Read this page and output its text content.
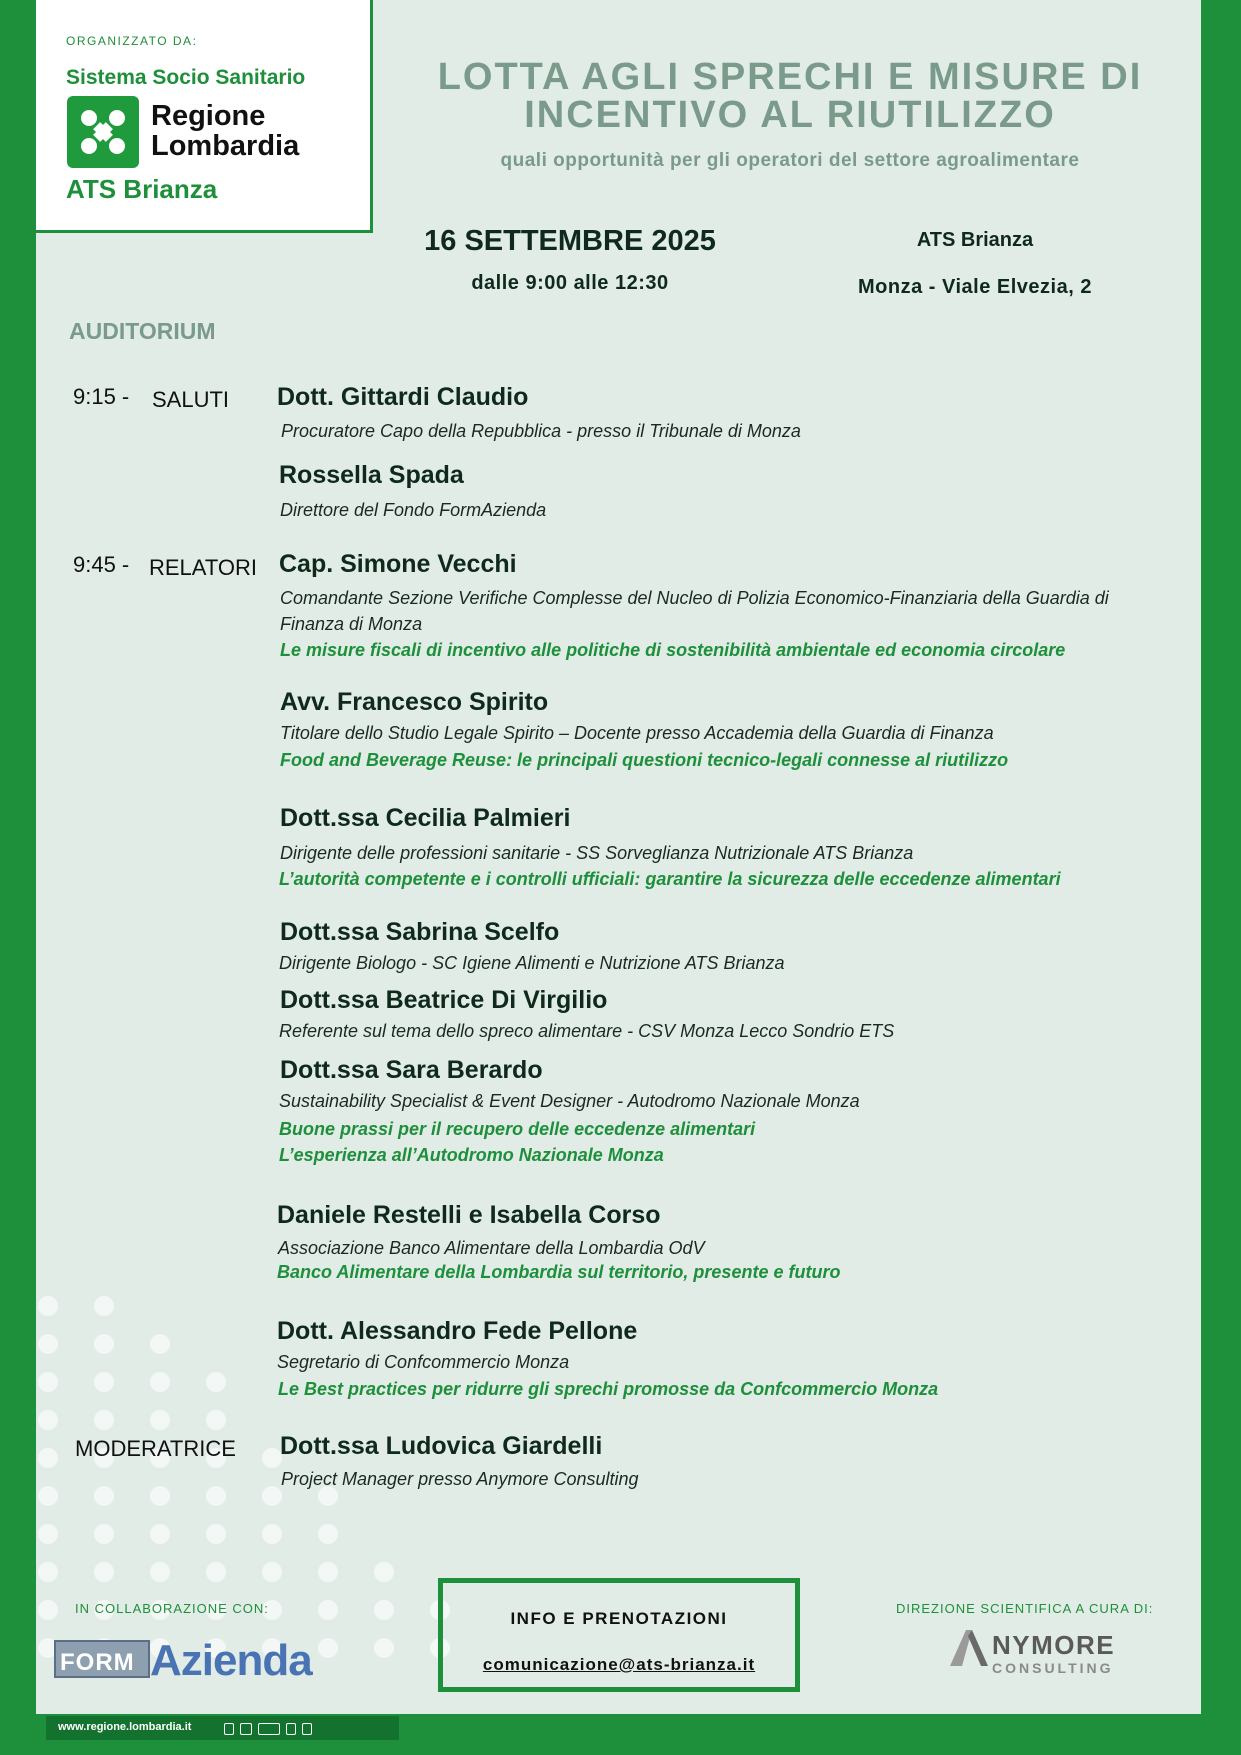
www.regione.lombardia.it
ORGANIZZATO DA:
Sistema Socio Sanitario
Regione
Lombardia
ATS Brianza
LOTTA AGLI SPRECHI E MISURE DI
INCENTIVO AL RIUTILIZZO
quali opportunità per gli operatori del settore agroalimentare
16 SETTEMBRE 2025
dalle 9:00 alle 12:30
ATS Brianza
Monza - Viale Elvezia, 2
AUDITORIUM
9:15 - SALUTI Dott. Gittardi Claudio
Procuratore Capo della Repubblica - presso il Tribunale di Monza
Rossella Spada
Direttore del Fondo FormAzienda
9:45 - RELATORI Cap. Simone Vecchi
Comandante Sezione Verifiche Complesse del Nucleo di Polizia Economico-Finanziaria della Guardia di Finanza di Monza
Le misure fiscali di incentivo alle politiche di sostenibilità ambientale ed economia circolare
Avv. Francesco Spirito
Titolare dello Studio Legale Spirito – Docente presso Accademia della Guardia di Finanza
Food and Beverage Reuse: le principali questioni tecnico-legali connesse al riutilizzo
Dott.ssa Cecilia Palmieri
Dirigente delle professioni sanitarie - SS Sorveglianza Nutrizionale ATS Brianza
L’autorità competente e i controlli ufficiali: garantire la sicurezza delle eccedenze alimentari
Dott.ssa Sabrina Scelfo
Dirigente Biologo - SC Igiene Alimenti e Nutrizione ATS Brianza
Dott.ssa Beatrice Di Virgilio
Referente sul tema dello spreco alimentare - CSV Monza Lecco Sondrio ETS
Dott.ssa Sara Berardo
Sustainability Specialist & Event Designer - Autodromo Nazionale Monza
Buone prassi per il recupero delle eccedenze alimentari
L’esperienza all’Autodromo Nazionale Monza
Daniele Restelli e Isabella Corso
Associazione Banco Alimentare della Lombardia OdV
Banco Alimentare della Lombardia sul territorio, presente e futuro
Dott. Alessandro Fede Pellone
Segretario di Confcommercio Monza
Le Best practices per ridurre gli sprechi promosse da Confcommercio Monza
MODERATRICE Dott.ssa Ludovica Giardelli
Project Manager presso Anymore Consulting
IN COLLABORAZIONE CON:
FORM Azienda
INFO E PRENOTAZIONI
comunicazione@ats-brianza.it
DIREZIONE SCIENTIFICA A CURA DI:
NYMORE
CONSULTING
